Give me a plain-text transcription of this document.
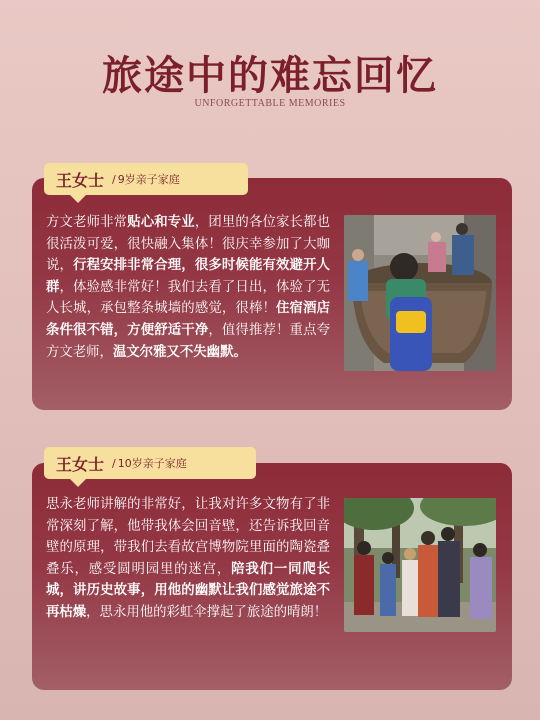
旅途中的难忘回忆
UNFORGETTABLE MEMORIES
方文老师非常贴心和专业，团里的各位家长都也很活泼可爱，很快融入集体！很庆幸参加了大咖说，行程安排非常合理，很多时候能有效避开人群，体验感非常好！我们去看了日出，体验了无人长城，承包整条城墙的感觉，很棒！住宿酒店条件很不错，方便舒适干净，值得推荐！重点夸方文老师，温文尔雅又不失幽默。
王女士 / 9岁亲子家庭
思永老师讲解的非常好，让我对许多文物有了非常深刻了解，他带我体会回音壁，还告诉我回音壁的原理，带我们去看故宫博物院里面的陶瓷叠叠乐，感受圆明园里的迷宫，陪我们一同爬长城，讲历史故事，用他的幽默让我们感觉旅途不再枯燥，思永用他的彩虹伞撑起了旅途的晴朗！
王女士 / 10岁亲子家庭
